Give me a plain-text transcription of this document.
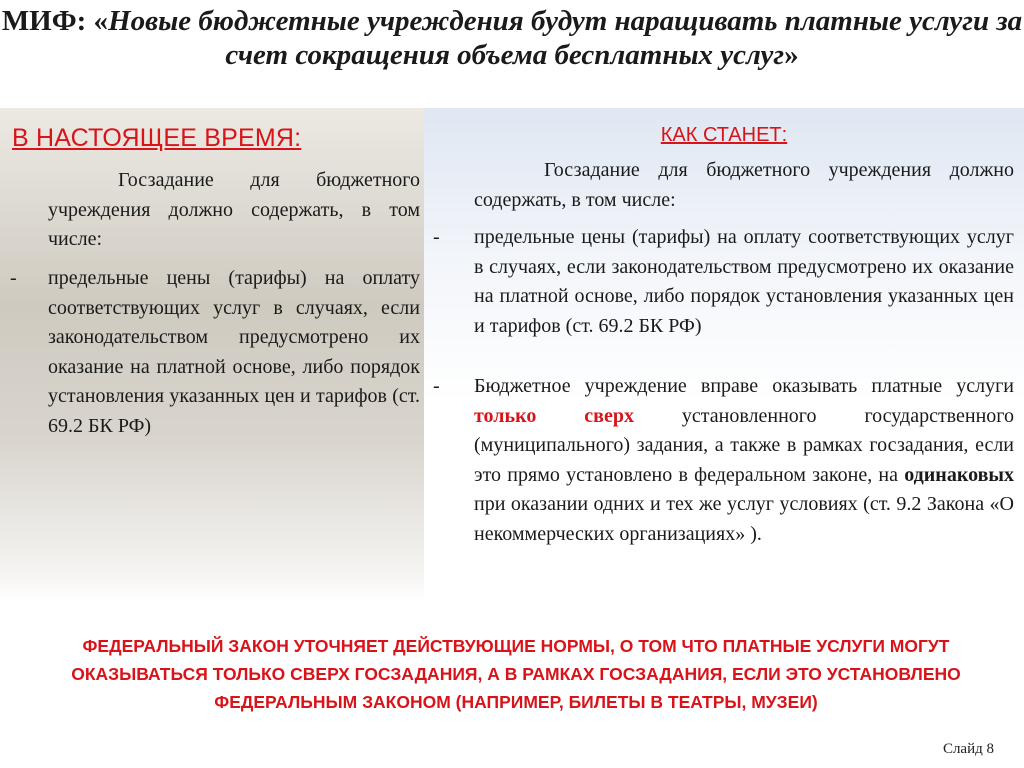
МИФ: «Новые бюджетные учреждения будут наращивать платные услуги за счет сокращения объема бесплатных услуг»
В НАСТОЯЩЕЕ ВРЕМЯ:
Госзадание для бюджетного учреждения должно содержать, в том числе:
- предельные цены (тарифы) на оплату соответствующих услуг в случаях, если законодательством предусмотрено их оказание на платной основе, либо порядок установления указанных цен и тарифов (ст. 69.2 БК РФ)
КАК СТАНЕТ:
Госзадание для бюджетного учреждения должно содержать, в том числе:
- предельные цены (тарифы) на оплату соответствующих услуг в случаях, если законодательством предусмотрено их оказание на платной основе, либо порядок установления указанных цен и тарифов (ст. 69.2 БК РФ)
- Бюджетное учреждение вправе оказывать платные услуги только сверх установленного государственного (муниципального) задания, а также в рамках госзадания, если это прямо установлено в федеральном законе, на одинаковых при оказании одних и тех же услуг условиях (ст. 9.2 Закона «О некоммерческих организациях» ).
ФЕДЕРАЛЬНЫЙ ЗАКОН УТОЧНЯЕТ ДЕЙСТВУЮЩИЕ НОРМЫ, О ТОМ ЧТО ПЛАТНЫЕ УСЛУГИ МОГУТ ОКАЗЫВАТЬСЯ ТОЛЬКО СВЕРХ ГОСЗАДАНИЯ, А В РАМКАХ ГОСЗАДАНИЯ, ЕСЛИ ЭТО УСТАНОВЛЕНО ФЕДЕРАЛЬНЫМ ЗАКОНОМ (НАПРИМЕР, БИЛЕТЫ В ТЕАТРЫ, МУЗЕИ)
Слайд 8
